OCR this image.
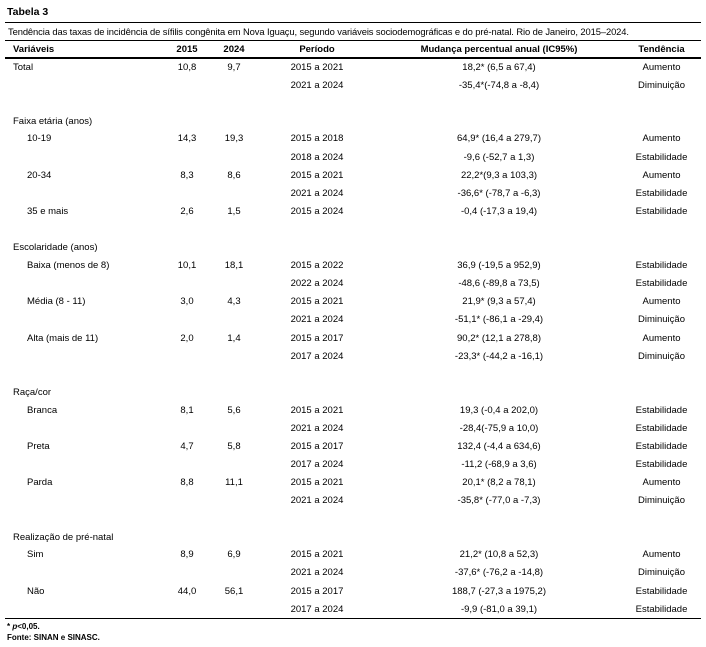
Tabela 3
Tendência das taxas de incidência de sífilis congênita em Nova Iguaçu, segundo variáveis sociodemográficas e do pré-natal. Rio de Janeiro, 2015–2024.
Variáveis	2015	2024	Período	Mudança percentual anual (IC95%)	Tendência
Total	10,8	9,7	2015 a 2021	18,2* (6,5 a 67,4)	Aumento
			2021 a 2024	-35,4*(-74,8 a -8,4)	Diminuição
Faixa etária (anos)					
10-19	14,3	19,3	2015 a 2018	64,9* (16,4 a 279,7)	Aumento
			2018 a 2024	-9,6 (-52,7 a 1,3)	Estabilidade
20-34	8,3	8,6	2015 a 2021	22,2*(9,3 a 103,3)	Aumento
			2021 a 2024	-36,6* (-78,7 a -6,3)	Estabilidade
35 e mais	2,6	1,5	2015 a 2024	-0,4 (-17,3 a 19,4)	Estabilidade
Escolaridade (anos)					
Baixa (menos de 8)	10,1	18,1	2015 a 2022	36,9 (-19,5 a 952,9)	Estabilidade
			2022 a 2024	-48,6 (-89,8 a 73,5)	Estabilidade
Média (8 - 11)	3,0	4,3	2015 a 2021	21,9* (9,3 a 57,4)	Aumento
			2021 a 2024	-51,1* (-86,1 a -29,4)	Diminuição
Alta (mais de 11)	2,0	1,4	2015 a 2017	90,2* (12,1 a 278,8)	Aumento
			2017 a 2024	-23,3* (-44,2 a -16,1)	Diminuição
Raça/cor					
Branca	8,1	5,6	2015 a 2021	19,3 (-0,4 a 202,0)	Estabilidade
			2021 a 2024	-28,4(-75,9 a 10,0)	Estabilidade
Preta	4,7	5,8	2015 a 2017	132,4 (-4,4 a 634,6)	Estabilidade
			2017 a 2024	-11,2 (-68,9 a 3,6)	Estabilidade
Parda	8,8	11,1	2015 a 2021	20,1* (8,2 a 78,1)	Aumento
			2021 a 2024	-35,8* (-77,0 a -7,3)	Diminuição
Realização de pré-natal					
Sim	8,9	6,9	2015 a 2021	21,2* (10,8 a 52,3)	Aumento
			2021 a 2024	-37,6* (-76,2 a -14,8)	Diminuição
Não	44,0	56,1	2015 a 2017	188,7 (-27,3 a 1975,2)	Estabilidade
			2017 a 2024	-9,9 (-81,0 a 39,1)	Estabilidade
* p<0,05.
Fonte: SINAN e SINASC.
